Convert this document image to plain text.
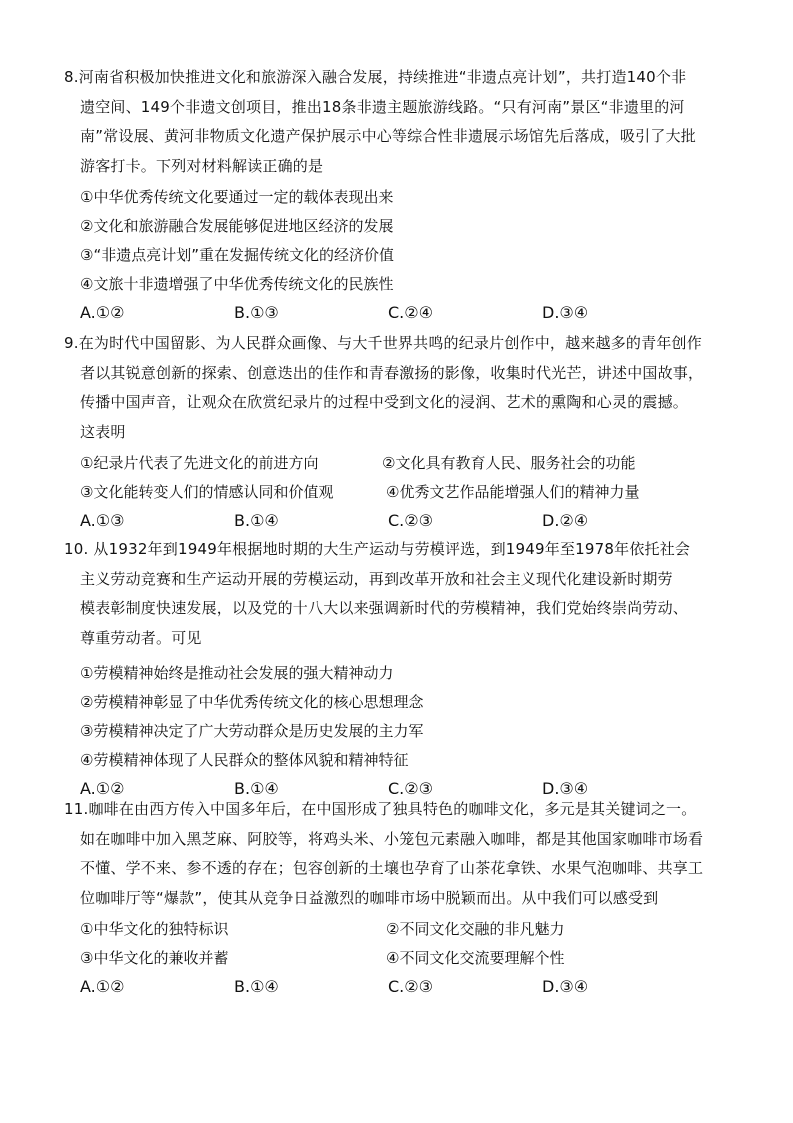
8.河南省积极加快推进文化和旅游深入融合发展，持续推进“非遗点亮计划”，共打造140个非
遗空间、149个非遗文创项目，推出18条非遗主题旅游线路。“只有河南”景区“非遗里的河
南”常设展、黄河非物质文化遗产保护展示中心等综合性非遗展示场馆先后落成，吸引了大批
游客打卡。下列对材料解读正确的是
①中华优秀传统文化要通过一定的载体表现出来
②文化和旅游融合发展能够促进地区经济的发展
③“非遗点亮计划”重在发掘传统文化的经济价值
④文旅十非遗增强了中华优秀传统文化的民族性
A.①②	B.①③	C.②④	D.③④
9.在为时代中国留影、为人民群众画像、与大千世界共鸣的纪录片创作中，越来越多的青年创作
者以其锐意创新的探索、创意迭出的佳作和青春激扬的影像，收集时代光芒，讲述中国故事，
传播中国声音，让观众在欣赏纪录片的过程中受到文化的浸润、艺术的熏陶和心灵的震撼。
这表明
①纪录片代表了先进文化的前进方向	②文化具有教育人民、服务社会的功能
③文化能转变人们的情感认同和价值观	④优秀文艺作品能增强人们的精神力量
A.①③	B.①④	C.②③	D.②④
10. 从1932年到1949年根据地时期的大生产运动与劳模评选，到1949年至1978年依托社会
主义劳动竞赛和生产运动开展的劳模运动，再到改革开放和社会主义现代化建设新时期劳
模表彰制度快速发展，以及党的十八大以来强调新时代的劳模精神，我们党始终崇尚劳动、
尊重劳动者。可见
①劳模精神始终是推动社会发展的强大精神动力
②劳模精神彰显了中华优秀传统文化的核心思想理念
③劳模精神决定了广大劳动群众是历史发展的主力军
④劳模精神体现了人民群众的整体风貌和精神特征
A.①②	B.①④	C.②③	D.③④
11.咖啡在由西方传入中国多年后，在中国形成了独具特色的咖啡文化，多元是其关键词之一。
如在咖啡中加入黑芝麻、阿胶等，将鸡头米、小笼包元素融入咖啡，都是其他国家咖啡市场看
不懂、学不来、参不透的存在；包容创新的土壤也孕育了山茶花拿铁、水果气泡咖啡、共享工
位咖啡厅等“爆款”，使其从竞争日益激烈的咖啡市场中脱颖而出。从中我们可以感受到
①中华文化的独特标识	②不同文化交融的非凡魅力
③中华文化的兼收并蓄	④不同文化交流要理解个性
A.①②	B.①④	C.②③	D.③④
